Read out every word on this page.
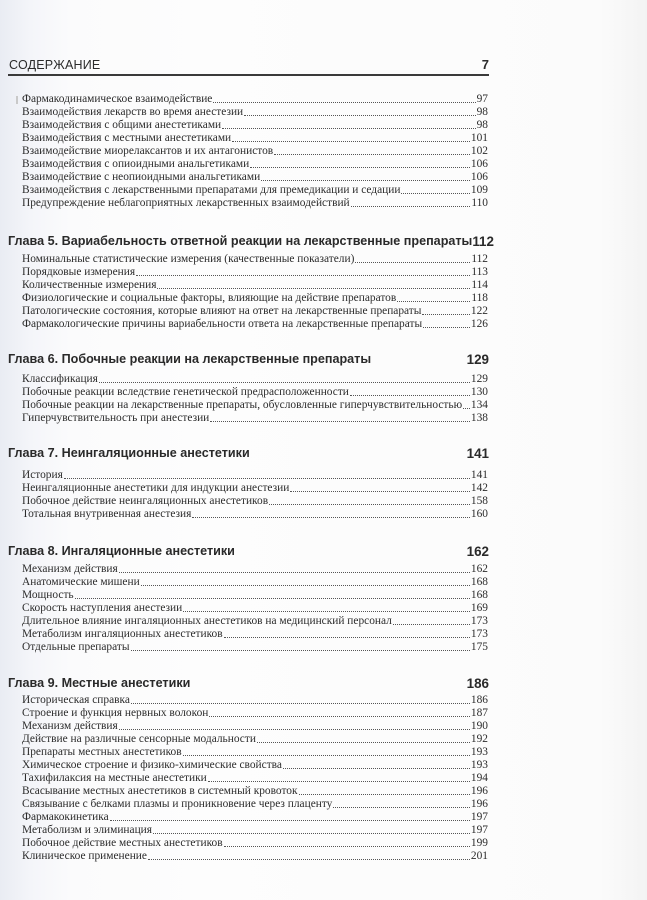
СОДЕРЖАНИЕ	7
Фармакодинамическое взаимодействие	97
Взаимодействия лекарств во время анестезии	98
Взаимодействия с общими анестетиками	98
Взаимодействия с местными анестетиками	101
Взаимодействие миорелаксантов и их антагонистов	102
Взаимодействия с опиоидными анальгетиками	106
Взаимодействие с неопиоидными анальгетиками	106
Взаимодействия с лекарственными препаратами для премедикации и седации	109
Предупреждение неблагоприятных лекарственных взаимодействий	110
Глава 5. Вариабельность ответной реакции на лекарственные препараты 112
Номинальные статистические измерения (качественные показатели)	112
Порядковые измерения	113
Количественные измерения	114
Физиологические и социальные факторы, влияющие на действие препаратов	118
Патологические состояния, которые влияют на ответ на лекарственные препараты	122
Фармакологические причины вариабельности ответа на лекарственные препараты	126
Глава 6. Побочные реакции на лекарственные препараты	129
Классификация	129
Побочные реакции вследствие генетической предрасположенности	130
Побочные реакции на лекарственные препараты, обусловленные гиперчувствительностью 134
Гиперчувствительность при анестезии	138
Глава 7. Неингаляционные анестетики	141
История	141
Неингаляционные анестетики для индукции анестезии	142
Побочное действие неингаляционных анестетиков	158
Тотальная внутривенная анестезия	160
Глава 8. Ингаляционные анестетики	162
Механизм действия	162
Анатомические мишени	168
Мощность	168
Скорость наступления анестезии	169
Длительное влияние ингаляционных анестетиков на медицинский персонал	173
Метаболизм ингаляционных анестетиков	173
Отдельные препараты	175
Глава 9. Местные анестетики	186
Историческая справка	186
Строение и функция нервных волокон	187
Механизм действия	190
Действие на различные сенсорные модальности	192
Препараты местных анестетиков	193
Химическое строение и физико-химические свойства	193
Тахифилаксия на местные анестетики	194
Всасывание местных анестетиков в системный кровоток	196
Связывание с белками плазмы и проникновение через плаценту	196
Фармакокинетика	197
Метаболизм и элиминация	197
Побочное действие местных анестетиков	199
Клиническое применение	201
